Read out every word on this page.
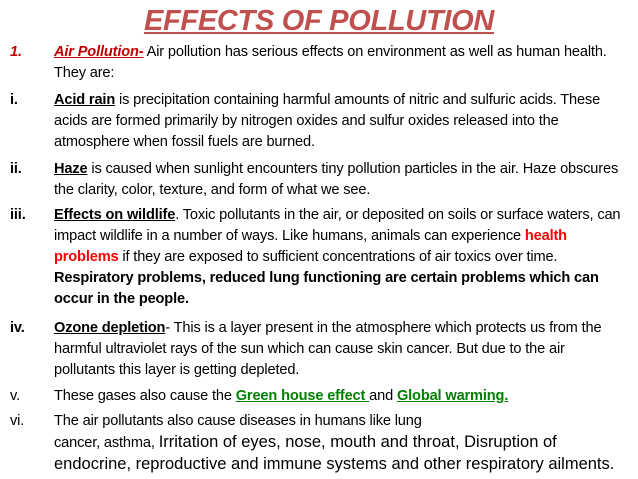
EFFECTS OF POLLUTION
1. Air Pollution- Air pollution has serious effects on environment as well as human health. They are:
i. Acid rain is precipitation containing harmful amounts of nitric and sulfuric acids. These acids are formed primarily by nitrogen oxides and sulfur oxides released into the atmosphere when fossil fuels are burned.
ii. Haze is caused when sunlight encounters tiny pollution particles in the air. Haze obscures the clarity, color, texture, and form of what we see.
iii. Effects on wildlife. Toxic pollutants in the air, or deposited on soils or surface waters, can impact wildlife in a number of ways. Like humans, animals can experience health problems if they are exposed to sufficient concentrations of air toxics over time. Respiratory problems, reduced lung functioning are certain problems which can occur in the people.
iv. Ozone depletion- This is a layer present in the atmosphere which protects us from the harmful ultraviolet rays of the sun which can cause skin cancer. But due to the air pollutants this layer is getting depleted.
v. These gases also cause the Green house effect and Global warming.
vi. The air pollutants also cause diseases in humans like lung
cancer, asthma, Irritation of eyes, nose, mouth and throat, Disruption of endocrine, reproductive and immune systems and other respiratory ailments.
